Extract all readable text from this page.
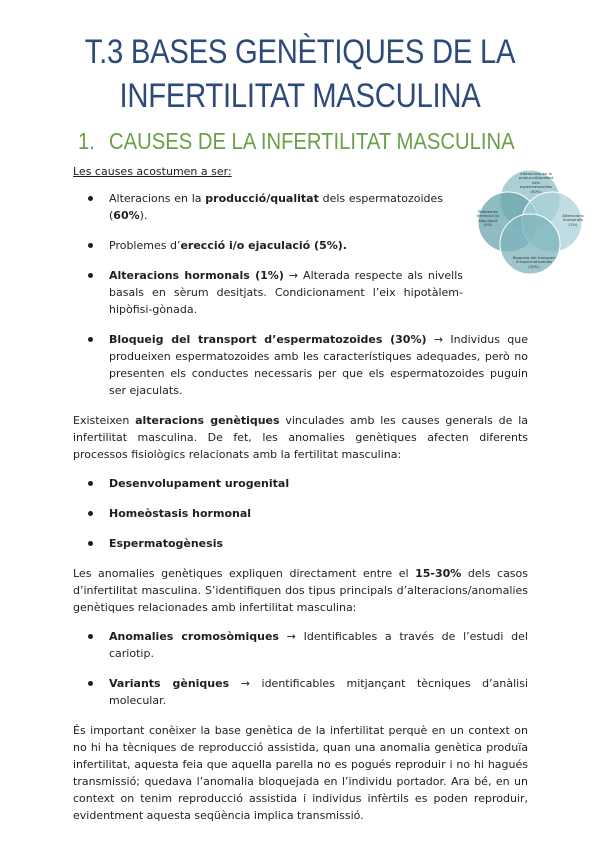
T.3 BASES GENÈTIQUES DE LA INFERTILITAT MASCULINA
1. CAUSES DE LA INFERTILITAT MASCULINA
Alteracions en la producció/qualitat dels espermatozoides (60%)
Problemes d'erecció i/o ejaculació (5%)
Alteracions hormonals (1%)
Bloqueig del transport d'espermatozoides (30%)

Les causes acostumen a ser:

Alteracions en la producció/qualitat dels espermatozoides (60%).
Problemes d’erecció i/o ejaculació (5%).
Alteracions hormonals (1%) → Alterada respecte als nivells basals en sèrum desitjats. Condicionament l’eix hipotàlem-hipòfisi-gònada.
Bloqueig del transport d’espermatozoides (30%) → Individus que produeixen espermatozoides amb les característiques adequades, però no presenten els conductes necessaris per que els espermatozoides puguin ser ejaculats.

Existeixen alteracions genètiques vinculades amb les causes generals de la infertilitat masculina. De fet, les anomalies genètiques afecten diferents processos fisiològics relacionats amb la fertilitat masculina:

Desenvolupament urogenital
Homeòstasis hormonal
Espermatogènesis

Les anomalies genètiques expliquen directament entre el 15-30% dels casos d’infertilitat masculina. S’identifiquen dos tipus principals d’alteracions/anomalies genètiques relacionades amb infertilitat masculina:

Anomalies cromosòmiques → Identificables a través de l’estudi del cariotip.
Variants gèniques → identificables mitjançant tècniques d’anàlisi molecular.

És important conèixer la base genètica de la infertilitat perquè en un context on no hi ha tècniques de reproducció assistida, quan una anomalia genètica produïa infertilitat, aquesta feia que aquella parella no es pogués reproduir i no hi hagués transmissió; quedava l’anomalia bloquejada en l’individu portador. Ara bé, en un context on tenim reproducció assistida i individus infèrtils es poden reproduir, evidentment aquesta seqüència implica transmissió.
